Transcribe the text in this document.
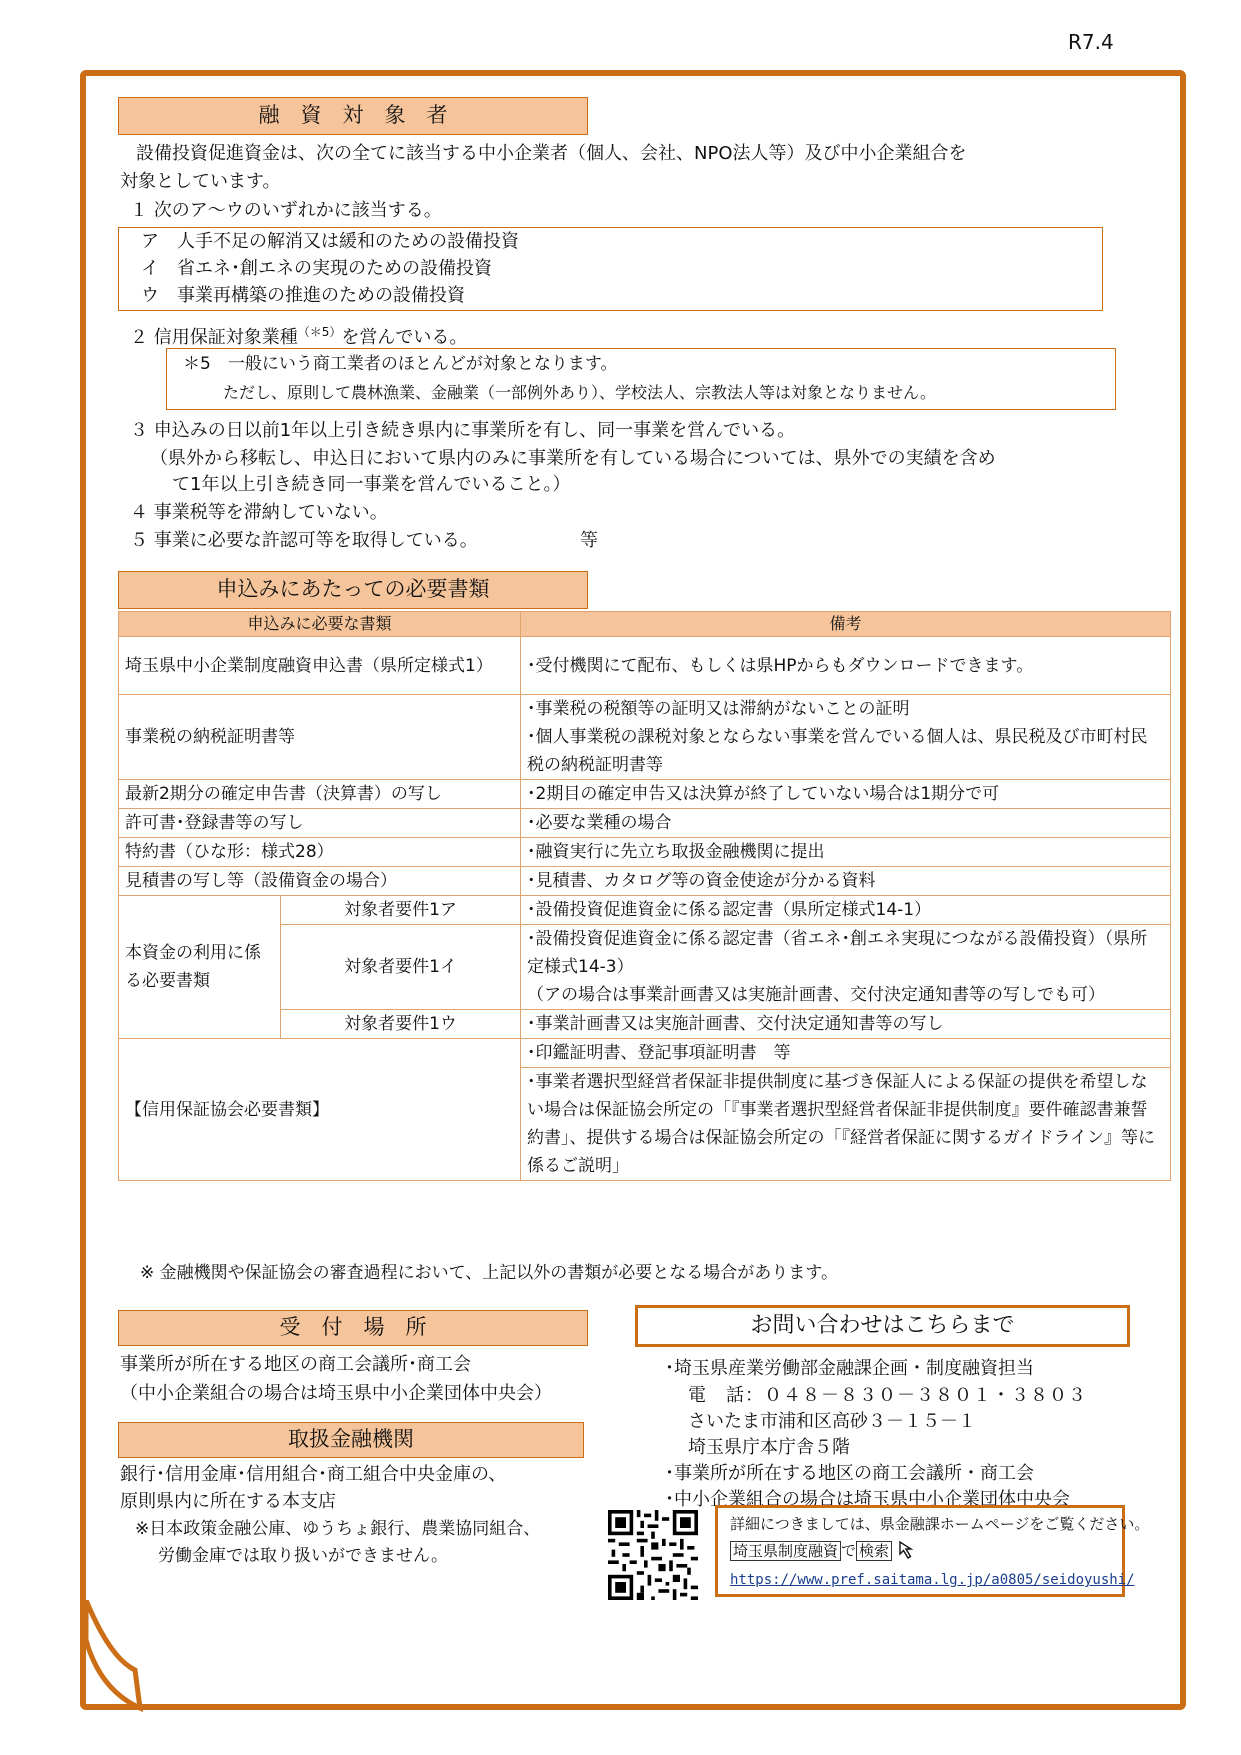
R7.4
融　資　対　象　者
設備投資促進資金は、次の全てに該当する中小企業者（個人、会社、NPO法人等）及び中小企業組合を
対象としています。
１ 次のア～ウのいずれかに該当する。
ア　人手不足の解消又は緩和のための設備投資
イ　省エネ･創エネの実現のための設備投資
ウ　事業再構築の推進のための設備投資
２ 信用保証対象業種$^{(*5)}$を営んでいる。
＊5　一般にいう商工業者のほとんどが対象となります。
ただし、原則して農林漁業、金融業（一部例外あり）、学校法人、宗教法人等は対象となりません。
３ 申込みの日以前1年以上引き続き県内に事業所を有し、同一事業を営んでいる。
（県外から移転し、申込日において県内のみに事業所を有している場合については、県外での実績を含め
て1年以上引き続き同一事業を営んでいること。）
４ 事業税等を滞納していない。
５ 事業に必要な許認可等を取得している。	等
申込みにあたっての必要書類
申込みに必要な書類		備考
埼玉県中小企業制度融資申込書（県所定様式1）		･受付機関にて配布、もしくは県HPからもダウンロードできます。
事業税の納税証明書等		･事業税の税額等の証明又は滞納がないことの証明
･個人事業税の課税対象とならない事業を営んでいる個人は、県民税及び市町村民税の納税証明書等

最新2期分の確定申告書（決算書）の写し		･2期目の確定申告又は決算が終了していない場合は1期分で可
許可書･登録書等の写し		･必要な業種の場合
特約書（ひな形：様式28）		･融資実行に先立ち取扱金融機関に提出
見積書の写し等（設備資金の場合）		･見積書、カタログ等の資金使途が分かる資料
本資金の利用に係る必要書類	対象者要件1ア	･設備投資促進資金に係る認定書（県所定様式14-1）
	対象者要件1イ	･設備投資促進資金に係る認定書（省エネ･創エネ実現につながる設備投資）（県所定様式14-3）
（アの場合は事業計画書又は実施計画書、交付決定通知書等の写しでも可）

	対象者要件1ウ	･事業計画書又は実施計画書、交付決定通知書等の写し
【信用保証協会必要書類】		･印鑑証明書、登記事項証明書　等
		･事業者選択型経営者保証非提供制度に基づき保証人による保証の提供を希望しない場合は保証協会所定の「『事業者選択型経営者保証非提供制度』要件確認書兼誓約書」、提供する場合は保証協会所定の「『経営者保証に関するガイドライン』等に係るご説明」
※ 金融機関や保証協会の審査過程において、上記以外の書類が必要となる場合があります。
受　付　場　所
事業所が所在する地区の商工会議所･商工会
（中小企業組合の場合は埼玉県中小企業団体中央会）
取扱金融機関
銀行･信用金庫･信用組合･商工組合中央金庫の、
原則県内に所在する本支店
※日本政策金融公庫、ゆうちょ銀行、農業協同組合、
労働金庫では取り扱いができません。
お問い合わせはこちらまで
･埼玉県産業労働部金融課企画・制度融資担当
電　話：０４８－８３０－３８０１・３８０３
さいたま市浦和区高砂３－１５－１
埼玉県庁本庁舎５階
･事業所が所在する地区の商工会議所・商工会
･中小企業組合の場合は埼玉県中小企業団体中央会
詳細につきましては、県金融課ホームページをご覧ください。
埼玉県制度融資 で 検索
https://www.pref.saitama.lg.jp/a0805/seidoyushi/
